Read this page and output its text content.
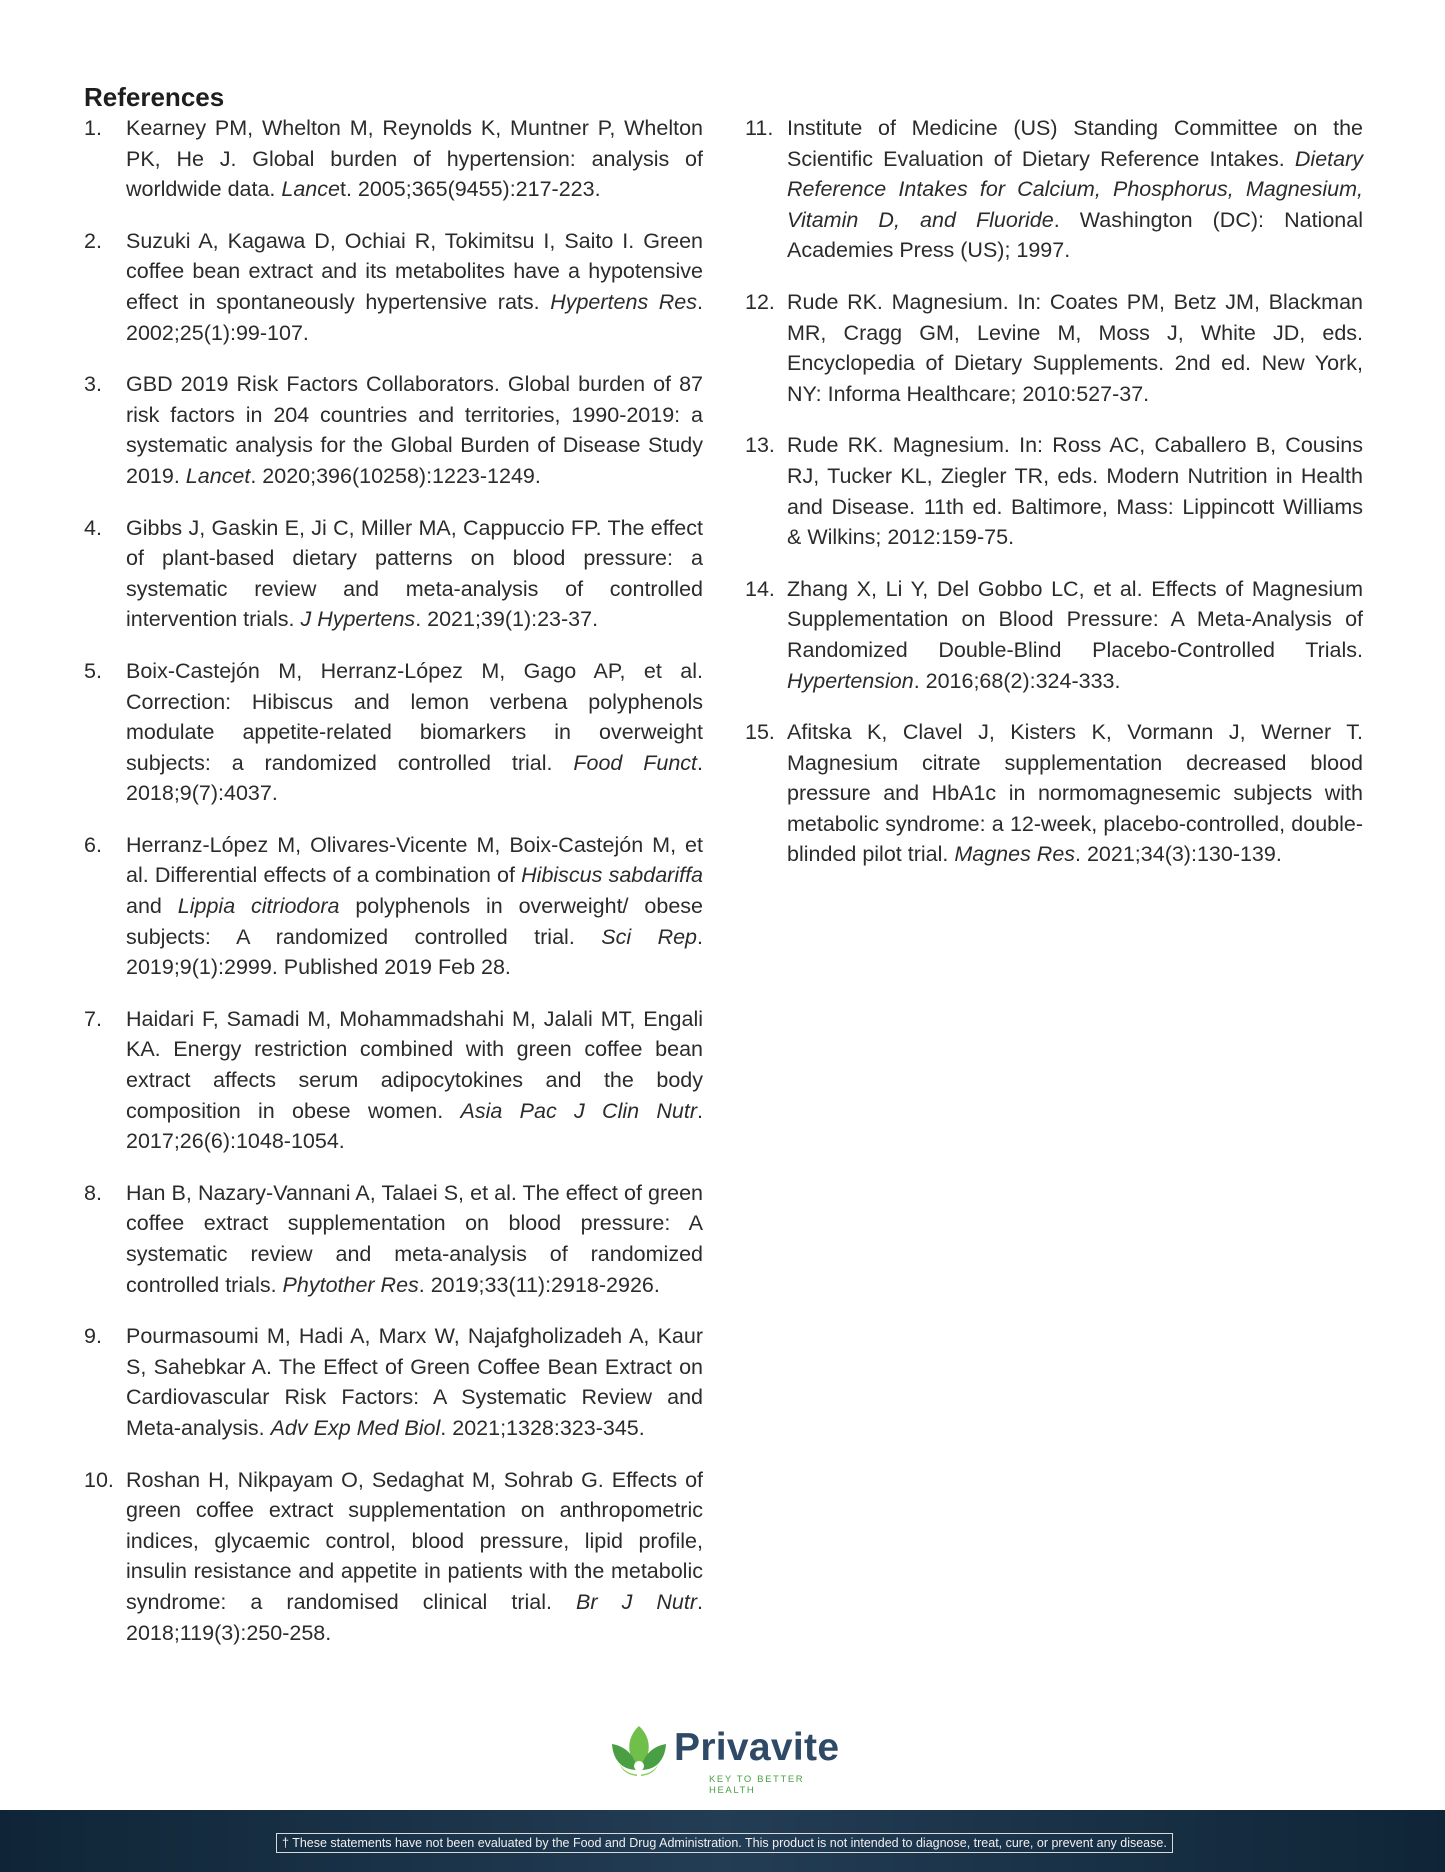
References
1.	Kearney PM, Whelton M, Reynolds K, Muntner P, Whelton PK, He J. Global burden of hypertension: analysis of worldwide data. Lancet. 2005;365(9455):217-223.
2.	Suzuki A, Kagawa D, Ochiai R, Tokimitsu I, Saito I. Green coffee bean extract and its metabolites have a hypotensive effect in spontaneously hypertensive rats. Hypertens Res. 2002;25(1):99-107.
3.	GBD 2019 Risk Factors Collaborators. Global burden of 87 risk factors in 204 countries and territories, 1990-2019: a systematic analysis for the Global Burden of Disease Study 2019. Lancet. 2020;396(10258):1223-1249.
4.	Gibbs J, Gaskin E, Ji C, Miller MA, Cappuccio FP. The effect of plant-based dietary patterns on blood pressure: a systematic review and meta-analysis of controlled intervention trials. J Hypertens. 2021;39(1):23-37.
5.	Boix-Castejón M, Herranz-López M, Gago AP, et al. Correction: Hibiscus and lemon verbena polyphenols modulate appetite-related biomarkers in overweight subjects: a randomized controlled trial. Food Funct. 2018;9(7):4037.
6.	Herranz-López M, Olivares-Vicente M, Boix-Castejón M, et al. Differential effects of a combination of Hibiscus sabdariffa and Lippia citriodora polyphenols in overweight/ obese subjects: A randomized controlled trial. Sci Rep. 2019;9(1):2999. Published 2019 Feb 28.
7.	Haidari F, Samadi M, Mohammadshahi M, Jalali MT, Engali KA. Energy restriction combined with green coffee bean extract affects serum adipocytokines and the body composition in obese women. Asia Pac J Clin Nutr. 2017;26(6):1048-1054.
8.	Han B, Nazary-Vannani A, Talaei S, et al. The effect of green coffee extract supplementation on blood pressure: A systematic review and meta-analysis of randomized controlled trials. Phytother Res. 2019;33(11):2918-2926.
9.	Pourmasoumi M, Hadi A, Marx W, Najafgholizadeh A, Kaur S, Sahebkar A. The Effect of Green Coffee Bean Extract on Cardiovascular Risk Factors: A Systematic Review and Meta-analysis. Adv Exp Med Biol. 2021;1328:323-345.
10. Roshan H, Nikpayam O, Sedaghat M, Sohrab G. Effects of green coffee extract supplementation on anthropometric indices, glycaemic control, blood pressure, lipid profile, insulin resistance and appetite in patients with the metabolic syndrome: a randomised clinical trial. Br J Nutr. 2018;119(3):250-258.
11. Institute of Medicine (US) Standing Committee on the Scientific Evaluation of Dietary Reference Intakes. Dietary Reference Intakes for Calcium, Phosphorus, Magnesium, Vitamin D, and Fluoride. Washington (DC): National Academies Press (US); 1997.
12. Rude RK. Magnesium. In: Coates PM, Betz JM, Blackman MR, Cragg GM, Levine M, Moss J, White JD, eds. Encyclopedia of Dietary Supplements. 2nd ed. New York, NY: Informa Healthcare; 2010:527-37.
13. Rude RK. Magnesium. In: Ross AC, Caballero B, Cousins RJ, Tucker KL, Ziegler TR, eds. Modern Nutrition in Health and Disease. 11th ed. Baltimore, Mass: Lippincott Williams & Wilkins; 2012:159-75.
14. Zhang X, Li Y, Del Gobbo LC, et al. Effects of Magnesium Supplementation on Blood Pressure: A Meta-Analysis of Randomized Double-Blind Placebo-Controlled Trials. Hypertension. 2016;68(2):324-333.
15. Afitska K, Clavel J, Kisters K, Vormann J, Werner T. Magnesium citrate supplementation decreased blood pressure and HbA1c in normomagnesemic subjects with metabolic syndrome: a 12-week, placebo-controlled, double-blinded pilot trial. Magnes Res. 2021;34(3):130-139.
Privavite
KEY TO BETTER HEALTH
† These statements have not been evaluated by the Food and Drug Administration. This product is not intended to diagnose, treat, cure, or prevent any disease.
